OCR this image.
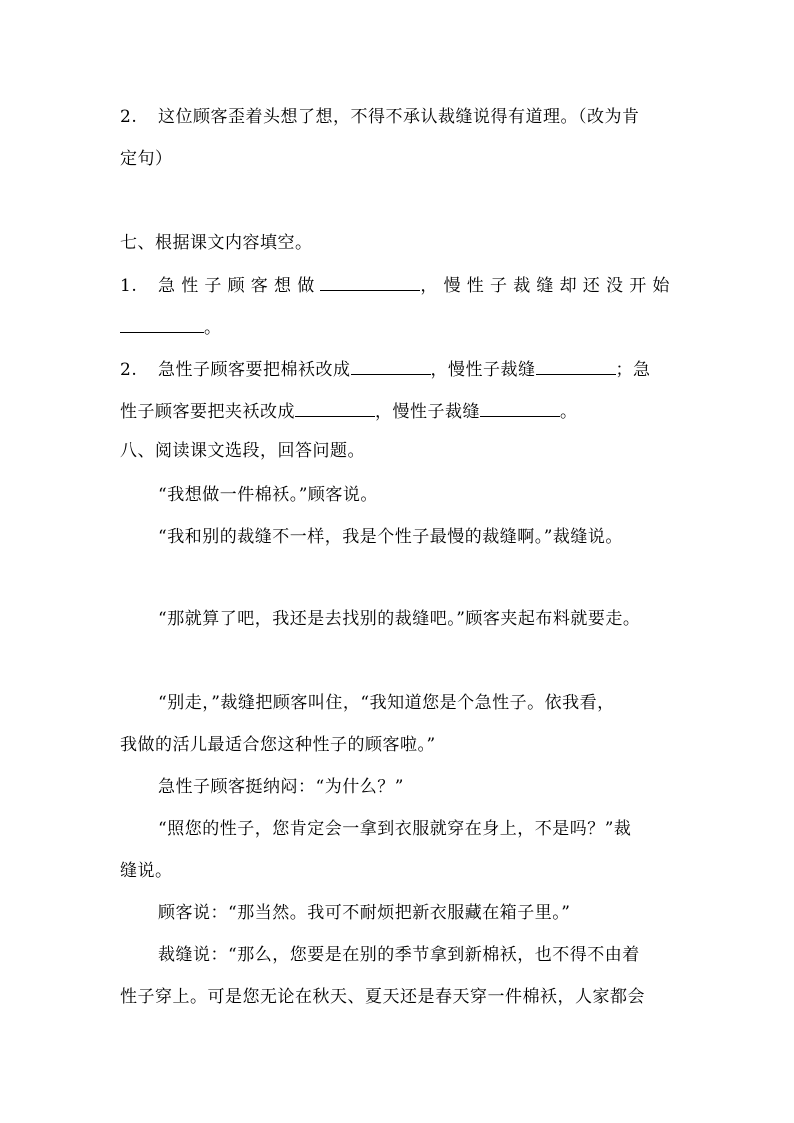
2. 这位顾客歪着头想了想，不得不承认裁缝说得有道理。（改为肯
定句）
七、根据课文内容填空。
1. 急性子顾客想做	，慢性子裁缝却还没开始
。
2. 急性子顾客要把棉袄改成	，慢性子裁缝	；急
性子顾客要把夹袄改成	，慢性子裁缝	。
八、阅读课文选段，回答问题。
“我想做一件棉袄。”顾客说。
“我和别的裁缝不一样，我是个性子最慢的裁缝啊。”裁缝说。
“那就算了吧，我还是去找别的裁缝吧。”顾客夹起布料就要走。
“别走，”裁缝把顾客叫住，“我知道您是个急性子。依我看，
我做的活儿最适合您这种性子的顾客啦。”
急性子顾客挺纳闷：“为什么？”
“照您的性子，您肯定会一拿到衣服就穿在身上，不是吗？”裁
缝说。
顾客说：“那当然。我可不耐烦把新衣服藏在箱子里。”
裁缝说：“那么，您要是在别的季节拿到新棉袄，也不得不由着
性子穿上。可是您无论在秋天、夏天还是春天穿一件棉袄，人家都会
